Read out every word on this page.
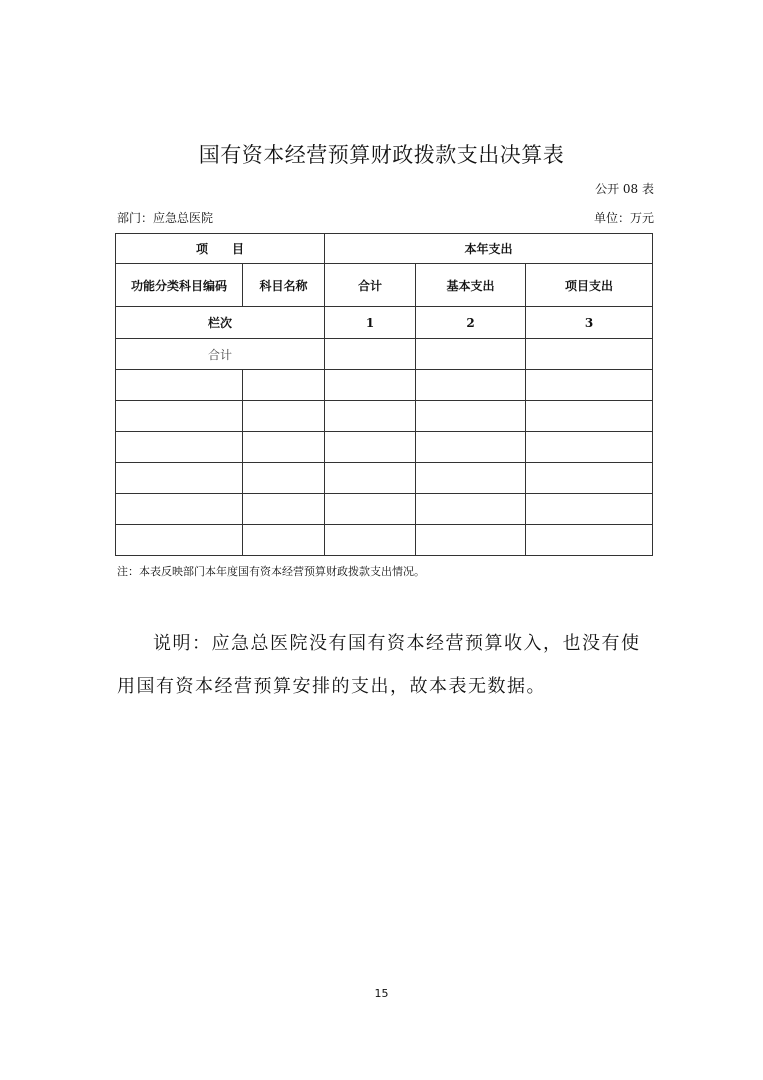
国有资本经营预算财政拨款支出决算表
公开 08 表
部门：应急总医院	单位：万元
项　　目		本年支出		
功能分类科目编码	科目名称	合计	基本支出	项目支出
栏次		1	2	3
合计				

注：本表反映部门本年度国有资本经营预算财政拨款支出情况。
说明：应急总医院没有国有资本经营预算收入，也没有使用国有资本经营预算安排的支出，故本表无数据。
15
